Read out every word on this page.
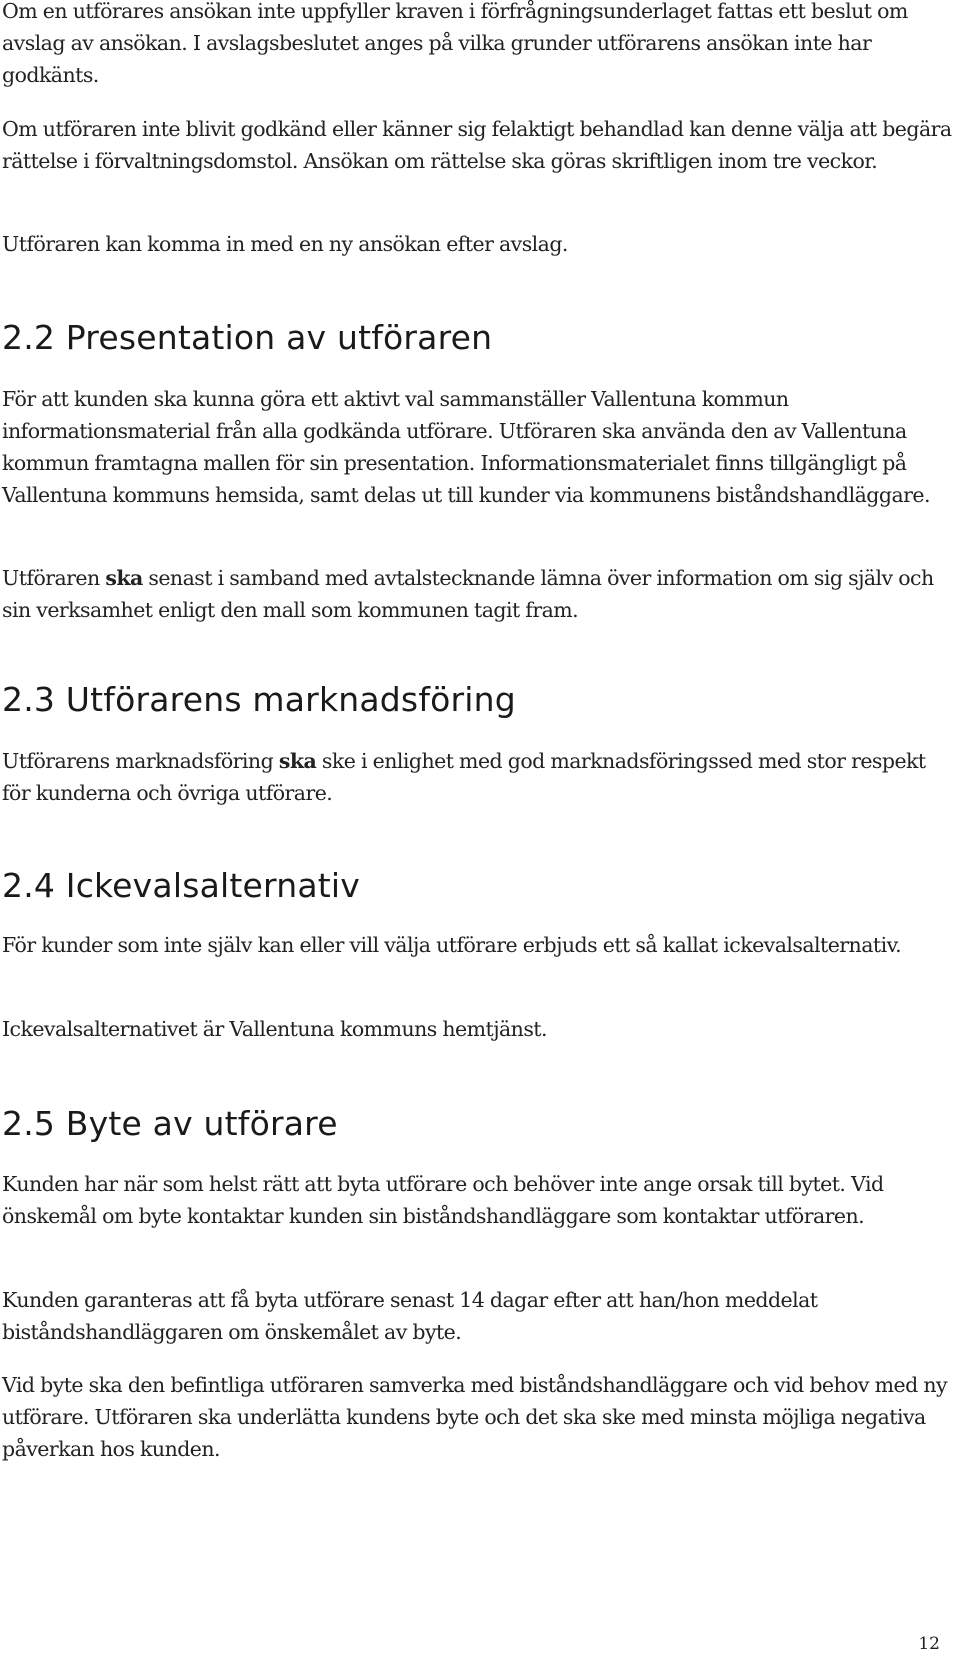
Om en utförares ansökan inte uppfyller kraven i förfrågningsunderlaget fattas ett beslut om avslag av ansökan. I avslagsbeslutet anges på vilka grunder utförarens ansökan inte har godkänts.

Om utföraren inte blivit godkänd eller känner sig felaktigt behandlad kan denne välja att begära rättelse i förvaltningsdomstol. Ansökan om rättelse ska göras skriftligen inom tre veckor.

Utföraren kan komma in med en ny ansökan efter avslag.

2.2 Presentation av utföraren

För att kunden ska kunna göra ett aktivt val sammanställer Vallentuna kommun informationsmaterial från alla godkända utförare. Utföraren ska använda den av Vallentuna kommun framtagna mallen för sin presentation. Informationsmaterialet finns tillgängligt på Vallentuna kommuns hemsida, samt delas ut till kunder via kommunens biståndshandläggare.

Utföraren ska senast i samband med avtalstecknande lämna över information om sig själv och sin verksamhet enligt den mall som kommunen tagit fram.

2.3 Utförarens marknadsföring

Utförarens marknadsföring ska ske i enlighet med god marknadsföringssed med stor respekt för kunderna och övriga utförare.

2.4 Ickevalsalternativ

För kunder som inte själv kan eller vill välja utförare erbjuds ett så kallat ickevalsalternativ.

Ickevalsalternativet är Vallentuna kommuns hemtjänst.

2.5 Byte av utförare

Kunden har när som helst rätt att byta utförare och behöver inte ange orsak till bytet. Vid önskemål om byte kontaktar kunden sin biståndshandläggare som kontaktar utföraren.

Kunden garanteras att få byta utförare senast 14 dagar efter att han/hon meddelat biståndshandläggaren om önskemålet av byte.

Vid byte ska den befintliga utföraren samverka med biståndshandläggare och vid behov med ny utförare. Utföraren ska underlätta kundens byte och det ska ske med minsta möjliga negativa påverkan hos kunden.

12
